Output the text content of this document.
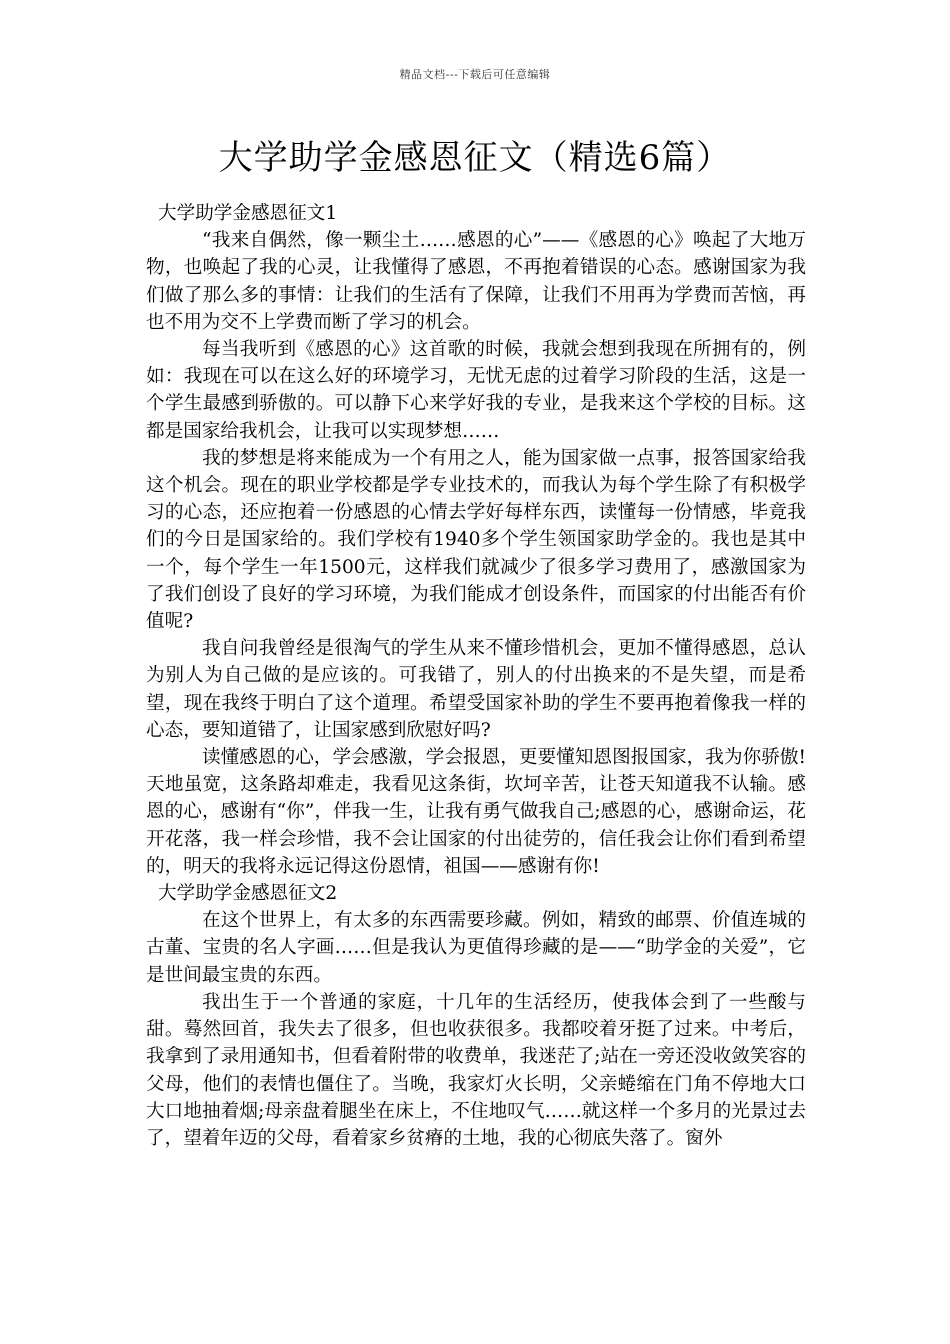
精品文档---下载后可任意编辑
大学助学金感恩征文（精选6篇）
大学助学金感恩征文1

“我来自偶然，像一颗尘土……感恩的心”——《感恩的心》唤起了大地万物，也唤起了我的心灵，让我懂得了感恩，不再抱着错误的心态。感谢国家为我们做了那么多的事情：让我们的生活有了保障，让我们不用再为学费而苦恼，再也不用为交不上学费而断了学习的机会。

每当我听到《感恩的心》这首歌的时候，我就会想到我现在所拥有的，例如：我现在可以在这么好的环境学习，无忧无虑的过着学习阶段的生活，这是一个学生最感到骄傲的。可以静下心来学好我的专业，是我来这个学校的目标。这都是国家给我机会，让我可以实现梦想……

我的梦想是将来能成为一个有用之人，能为国家做一点事，报答国家给我这个机会。现在的职业学校都是学专业技术的，而我认为每个学生除了有积极学习的心态，还应抱着一份感恩的心情去学好每样东西，读懂每一份情感，毕竟我们的今日是国家给的。我们学校有1940多个学生领国家助学金的。我也是其中一个，每个学生一年1500元，这样我们就减少了很多学习费用了，感激国家为了我们创设了良好的学习环境，为我们能成才创设条件，而国家的付出能否有价值呢?

我自问我曾经是很淘气的学生从来不懂珍惜机会，更加不懂得感恩，总认为别人为自己做的是应该的。可我错了，别人的付出换来的不是失望，而是希望，现在我终于明白了这个道理。希望受国家补助的学生不要再抱着像我一样的心态，要知道错了，让国家感到欣慰好吗?

读懂感恩的心，学会感激，学会报恩，更要懂知恩图报国家，我为你骄傲!天地虽宽，这条路却难走，我看见这条街，坎坷辛苦，让苍天知道我不认输。感恩的心，感谢有“你”，伴我一生，让我有勇气做我自己;感恩的心，感谢命运，花开花落，我一样会珍惜，我不会让国家的付出徒劳的，信任我会让你们看到希望的，明天的我将永远记得这份恩情，祖国——感谢有你!

大学助学金感恩征文2

在这个世界上，有太多的东西需要珍藏。例如，精致的邮票、价值连城的古董、宝贵的名人字画……但是我认为更值得珍藏的是——“助学金的关爱”，它是世间最宝贵的东西。

我出生于一个普通的家庭，十几年的生活经历，使我体会到了一些酸与甜。蓦然回首，我失去了很多，但也收获很多。我都咬着牙挺了过来。中考后，我拿到了录用通知书，但看着附带的收费单，我迷茫了;站在一旁还没收敛笑容的父母，他们的表情也僵住了。当晚，我家灯火长明，父亲蜷缩在门角不停地大口大口地抽着烟;母亲盘着腿坐在床上，不住地叹气……就这样一个多月的光景过去了，望着年迈的父母，看着家乡贫瘠的土地，我的心彻底失落了。窗外
